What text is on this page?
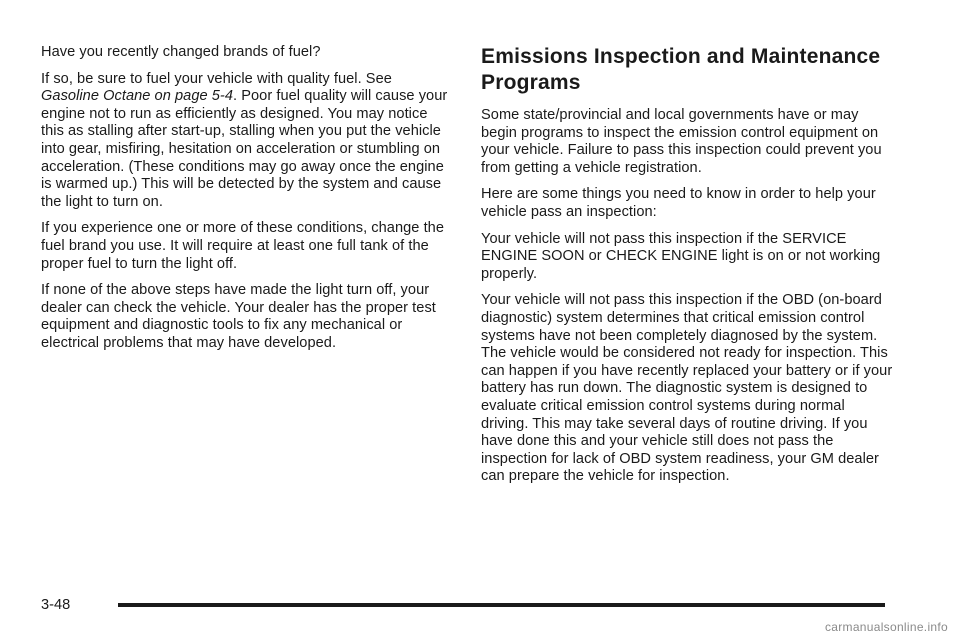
Have you recently changed brands of fuel?

If so, be sure to fuel your vehicle with quality fuel. See Gasoline Octane on page 5-4. Poor fuel quality will cause your engine not to run as efficiently as designed. You may notice this as stalling after start-up, stalling when you put the vehicle into gear, misfiring, hesitation on acceleration or stumbling on acceleration. (These conditions may go away once the engine is warmed up.) This will be detected by the system and cause the light to turn on.

If you experience one or more of these conditions, change the fuel brand you use. It will require at least one full tank of the proper fuel to turn the light off.

If none of the above steps have made the light turn off, your dealer can check the vehicle. Your dealer has the proper test equipment and diagnostic tools to fix any mechanical or electrical problems that may have developed.

Emissions Inspection and Maintenance Programs

Some state/provincial and local governments have or may begin programs to inspect the emission control equipment on your vehicle. Failure to pass this inspection could prevent you from getting a vehicle registration.

Here are some things you need to know in order to help your vehicle pass an inspection:

Your vehicle will not pass this inspection if the SERVICE ENGINE SOON or CHECK ENGINE light is on or not working properly.

Your vehicle will not pass this inspection if the OBD (on-board diagnostic) system determines that critical emission control systems have not been completely diagnosed by the system. The vehicle would be considered not ready for inspection. This can happen if you have recently replaced your battery or if your battery has run down. The diagnostic system is designed to evaluate critical emission control systems during normal driving. This may take several days of routine driving. If you have done this and your vehicle still does not pass the inspection for lack of OBD system readiness, your GM dealer can prepare the vehicle for inspection.

3-48
carmanualsonline.info
